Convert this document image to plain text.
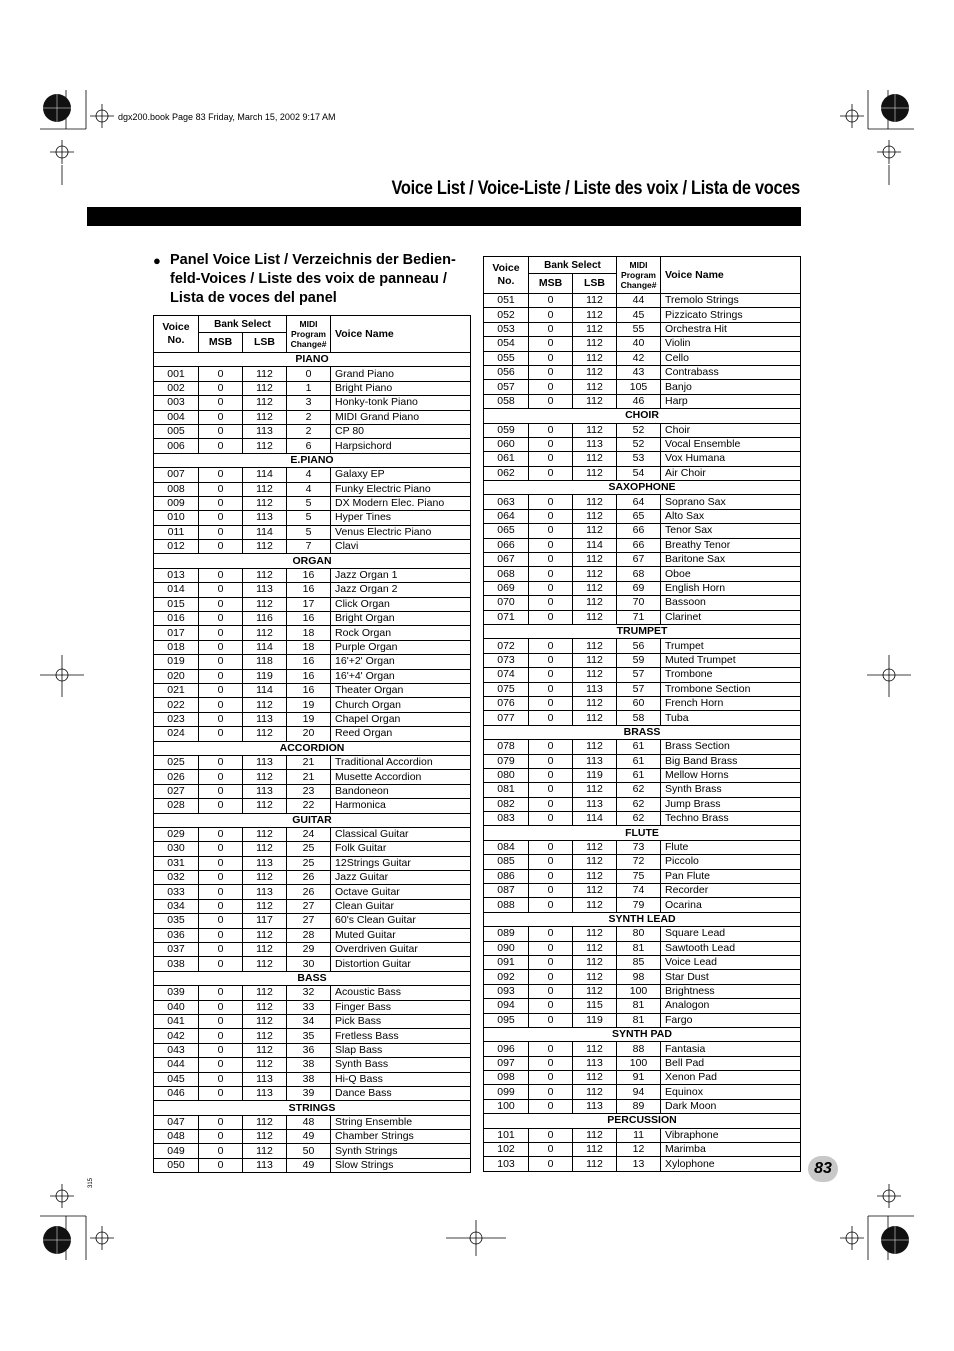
dgx200.book Page 83 Friday, March 15, 2002 9:17 AM
Voice List / Voice-Liste / Liste des voix / Lista de voces
● Panel Voice List / Verzeichnis der Bedien-feld-Voices / Liste des voix de panneau / Lista de voces del panel
Voice No.	Bank Select		MIDI Program Change#	Voice Name
	MSB	LSB		
PIANO				
001	0	112	0	Grand Piano
002	0	112	1	Bright Piano
003	0	112	3	Honky-tonk Piano
004	0	112	2	MIDI Grand Piano
005	0	113	2	CP 80
006	0	112	6	Harpsichord
E.PIANO				
007	0	114	4	Galaxy EP
008	0	112	4	Funky Electric Piano
009	0	112	5	DX Modern Elec. Piano
010	0	113	5	Hyper Tines
011	0	114	5	Venus Electric Piano
012	0	112	7	Clavi
ORGAN				
013	0	112	16	Jazz Organ 1
014	0	113	16	Jazz Organ 2
015	0	112	17	Click Organ
016	0	116	16	Bright Organ
017	0	112	18	Rock Organ
018	0	114	18	Purple Organ
019	0	118	16	16'+2' Organ
020	0	119	16	16'+4' Organ
021	0	114	16	Theater Organ
022	0	112	19	Church Organ
023	0	113	19	Chapel Organ
024	0	112	20	Reed Organ
ACCORDION				
025	0	113	21	Traditional Accordion
026	0	112	21	Musette Accordion
027	0	113	23	Bandoneon
028	0	112	22	Harmonica
GUITAR				
029	0	112	24	Classical Guitar
030	0	112	25	Folk Guitar
031	0	113	25	12Strings Guitar
032	0	112	26	Jazz Guitar
033	0	113	26	Octave Guitar
034	0	112	27	Clean Guitar
035	0	117	27	60's Clean Guitar
036	0	112	28	Muted Guitar
037	0	112	29	Overdriven Guitar
038	0	112	30	Distortion Guitar
BASS				
039	0	112	32	Acoustic Bass
040	0	112	33	Finger Bass
041	0	112	34	Pick Bass
042	0	112	35	Fretless Bass
043	0	112	36	Slap Bass
044	0	112	38	Synth Bass
045	0	113	38	Hi-Q Bass
046	0	113	39	Dance Bass
STRINGS				
047	0	112	48	String Ensemble
048	0	112	49	Chamber Strings
049	0	112	50	Synth Strings
050	0	113	49	Slow Strings
Voice No.	Bank Select		MIDI Program Change#	Voice Name
	MSB	LSB		
051	0	112	44	Tremolo Strings
052	0	112	45	Pizzicato Strings
053	0	112	55	Orchestra Hit
054	0	112	40	Violin
055	0	112	42	Cello
056	0	112	43	Contrabass
057	0	112	105	Banjo
058	0	112	46	Harp
CHOIR				
059	0	112	52	Choir
060	0	113	52	Vocal Ensemble
061	0	112	53	Vox Humana
062	0	112	54	Air Choir
SAXOPHONE				
063	0	112	64	Soprano Sax
064	0	112	65	Alto Sax
065	0	112	66	Tenor Sax
066	0	114	66	Breathy Tenor
067	0	112	67	Baritone Sax
068	0	112	68	Oboe
069	0	112	69	English Horn
070	0	112	70	Bassoon
071	0	112	71	Clarinet
TRUMPET				
072	0	112	56	Trumpet
073	0	112	59	Muted Trumpet
074	0	112	57	Trombone
075	0	113	57	Trombone Section
076	0	112	60	French Horn
077	0	112	58	Tuba
BRASS				
078	0	112	61	Brass Section
079	0	113	61	Big Band Brass
080	0	119	61	Mellow Horns
081	0	112	62	Synth Brass
082	0	113	62	Jump Brass
083	0	114	62	Techno Brass
FLUTE				
084	0	112	73	Flute
085	0	112	72	Piccolo
086	0	112	75	Pan Flute
087	0	112	74	Recorder
088	0	112	79	Ocarina
SYNTH LEAD				
089	0	112	80	Square Lead
090	0	112	81	Sawtooth Lead
091	0	112	85	Voice Lead
092	0	112	98	Star Dust
093	0	112	100	Brightness
094	0	115	81	Analogon
095	0	119	81	Fargo
SYNTH PAD				
096	0	112	88	Fantasia
097	0	113	100	Bell Pad
098	0	112	91	Xenon Pad
099	0	112	94	Equinox
100	0	113	89	Dark Moon
PERCUSSION				
101	0	112	11	Vibraphone
102	0	112	12	Marimba
103	0	112	13	Xylophone	83
315
